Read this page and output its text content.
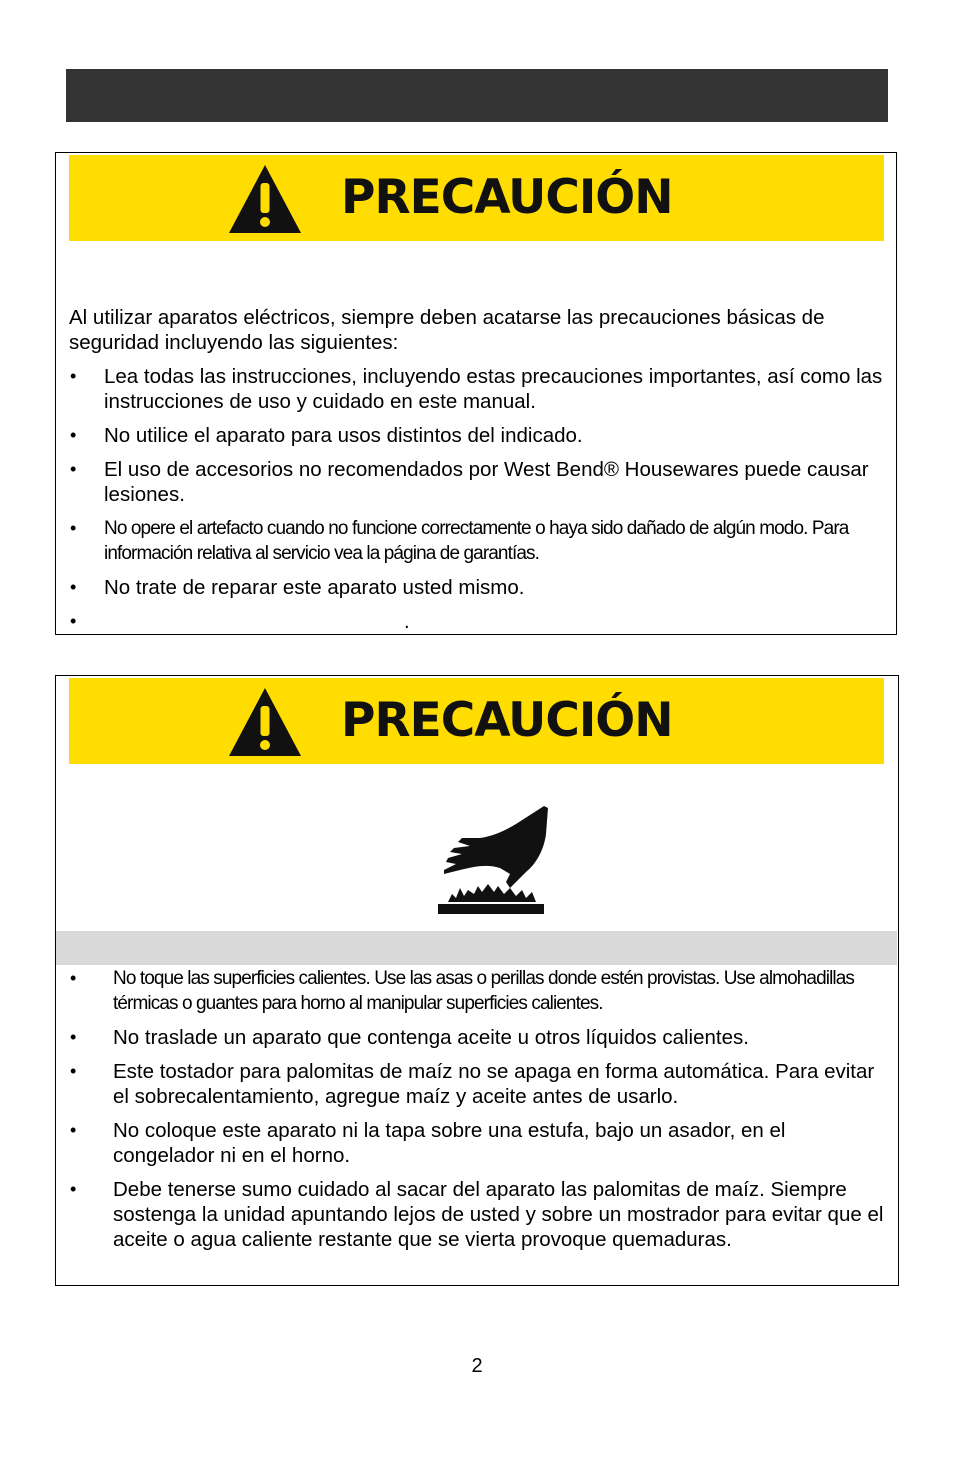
PRECAUCIÓN
Al utilizar aparatos eléctricos, siempre deben acatarse las precauciones básicas de seguridad incluyendo las siguientes:
• Lea todas las instrucciones, incluyendo estas precauciones importantes, así como las instrucciones de uso y cuidado en este manual.
• No utilice el aparato para usos distintos del indicado.
• El uso de accesorios no recomendados por West Bend® Housewares puede causar lesiones.
• No opere el artefacto cuando no funcione correctamente o haya sido dañado de algún modo. Para información relativa al servicio vea la página de garantías.
• No trate de reparar este aparato usted mismo.
• .
PRECAUCIÓN
• No toque las superficies calientes. Use las asas o perillas donde estén provistas. Use almohadillas térmicas o guantes para horno al manipular superficies calientes.
• No traslade un aparato que contenga aceite u otros líquidos calientes.
• Este tostador para palomitas de maíz no se apaga en forma automática. Para evitar el sobrecalentamiento, agregue maíz y aceite antes de usarlo.
• No coloque este aparato ni la tapa sobre una estufa, bajo un asador, en el congelador ni en el horno.
• Debe tenerse sumo cuidado al sacar del aparato las palomitas de maíz. Siempre sostenga la unidad apuntando lejos de usted y sobre un mostrador para evitar que el aceite o agua caliente restante que se vierta provoque quemaduras.
2
